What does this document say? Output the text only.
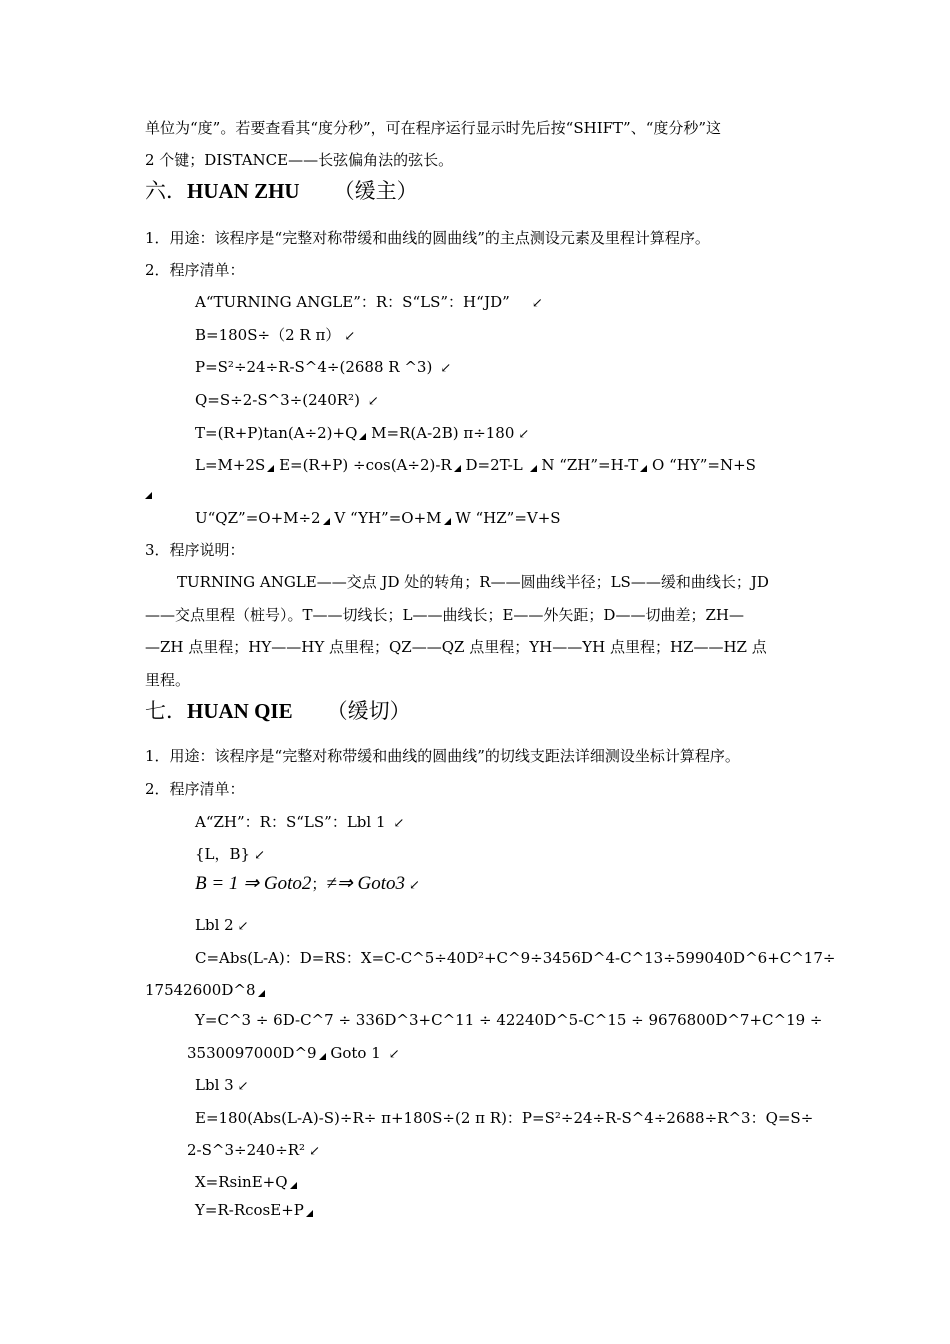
单位为“度”。若要查看其“度分秒”，可在程序运行显示时先后按“SHIFT”、“度分秒”这
2 个键；DISTANCE——长弦偏角法的弦长。
六．HUAN ZHU （缓主）
1．用途：该程序是“完整对称带缓和曲线的圆曲线”的主点测设元素及里程计算程序。
2．程序清单：
A“TURNING ANGLE”：R：S“LS”：H“JD” ↙
B=180S÷（2 R π） ↙
P=S²÷24÷R-S^4÷(2688 R ^3) ↙
Q=S÷2-S^3÷(240R²) ↙
T=(R+P)tan(A÷2)+Q M=R(A-2B) π÷180 ↙
L=M+2S E=(R+P) ÷cos(A÷2)-R D=2T-L N “ZH”=H-T O “HY”=N+S
U“QZ”=O+M÷2 V “YH”=O+M W “HZ”=V+S
3．程序说明：
TURNING ANGLE——交点 JD 处的转角；R——圆曲线半径；LS——缓和曲线长；JD
——交点里程（桩号）。T——切线长；L——曲线长；E——外矢距；D——切曲差；ZH—
—ZH 点里程；HY——HY 点里程；QZ——QZ 点里程；YH——YH 点里程；HZ——HZ 点
里程。
七．HUAN QIE （缓切）
1．用途：该程序是“完整对称带缓和曲线的圆曲线”的切线支距法详细测设坐标计算程序。
2．程序清单：
A“ZH”：R：S“LS”：Lbl 1 ↙
{L，B} ↙
B = 1 ⇒ Goto2；≠⇒ Goto3 ↙
Lbl 2 ↙
C=Abs(L-A)：D=RS：X=C-C^5÷40D²+C^9÷3456D^4-C^13÷599040D^6+C^17÷
17542600D^8
Y=C^3 ÷ 6D-C^7 ÷ 336D^3+C^11 ÷ 42240D^5-C^15 ÷ 9676800D^7+C^19 ÷
3530097000D^9 Goto 1 ↙
Lbl 3 ↙
E=180(Abs(L-A)-S)÷R÷ π+180S÷(2 π R)：P=S²÷24÷R-S^4÷2688÷R^3：Q=S÷
2-S^3÷240÷R² ↙
X=RsinE+Q
Y=R-RcosE+P
